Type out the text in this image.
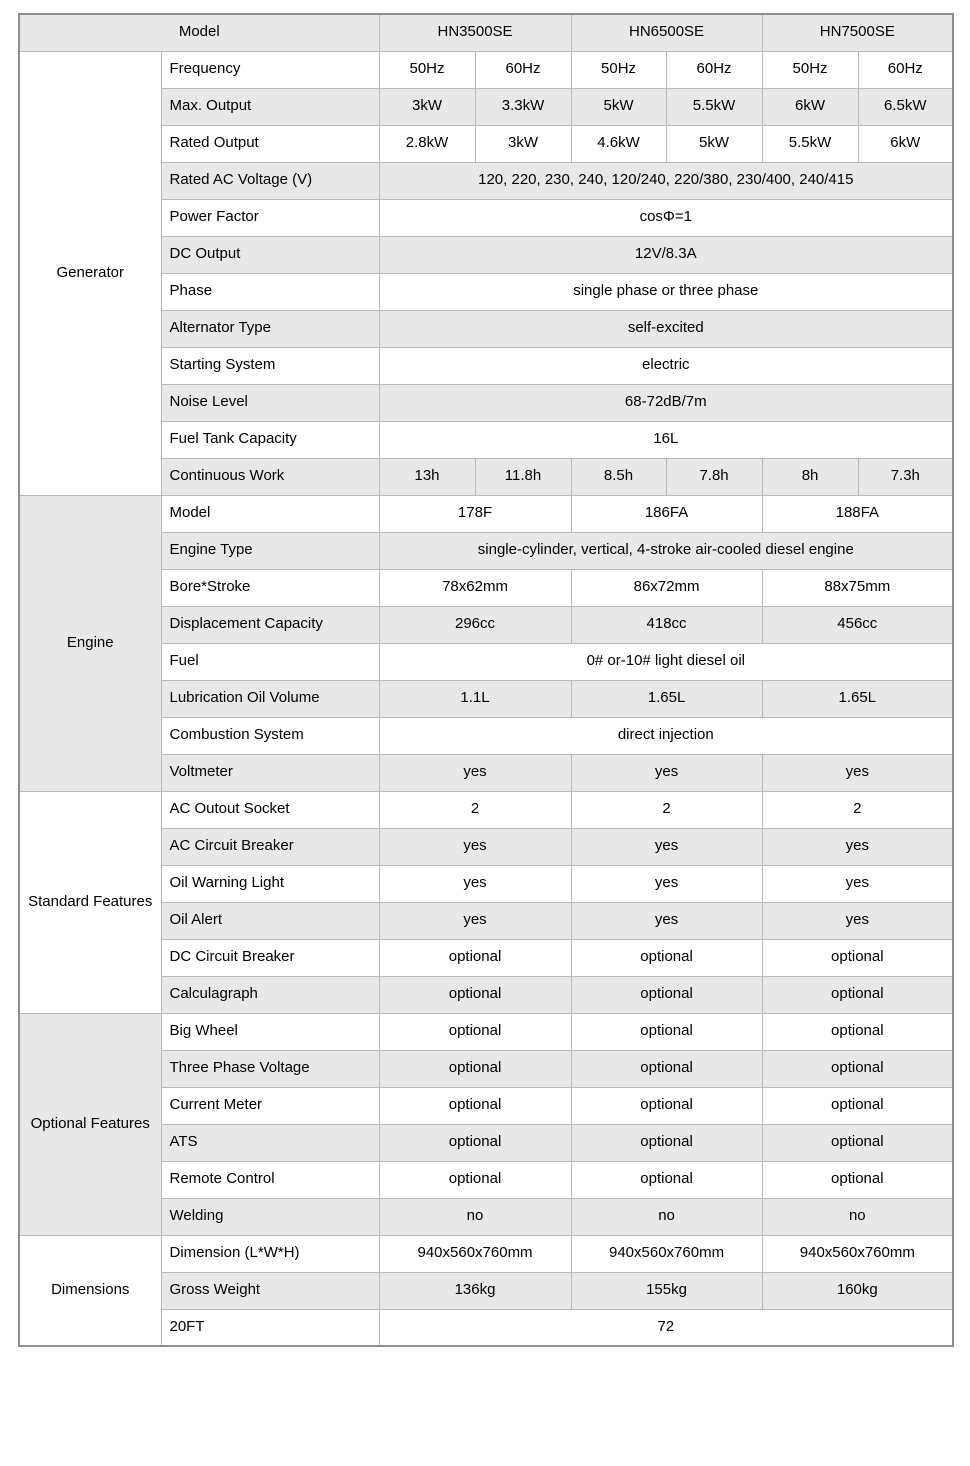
Model		HN3500SE		HN6500SE		HN7500SE	
Generator	Frequency	50Hz	60Hz	50Hz	60Hz	50Hz	60Hz
	Max. Output	3kW	3.3kW	5kW	5.5kW	6kW	6.5kW
	Rated Output	2.8kW	3kW	4.6kW	5kW	5.5kW	6kW
	Rated AC Voltage (V)	120, 220, 230, 240, 120/240, 220/380, 230/400, 240/415					
	Power Factor	cosΦ=1					
	DC Output	12V/8.3A					
	Phase	single phase or three phase					
	Alternator Type	self-excited					
	Starting System	electric					
	Noise Level	68-72dB/7m					
	Fuel Tank Capacity	16L					
	Continuous Work	13h	11.8h	8.5h	7.8h	8h	7.3h
Engine	Model	178F		186FA		188FA	
	Engine Type	single-cylinder, vertical, 4-stroke air-cooled diesel engine					
	Bore*Stroke	78x62mm		86x72mm		88x75mm	
	Displacement Capacity	296cc		418cc		456cc	
	Fuel	0# or-10# light diesel oil					
	Lubrication Oil Volume	1.1L		1.65L		1.65L	
	Combustion System	direct injection					
	Voltmeter	yes		yes		yes	
Standard Features	AC Outout Socket	2		2		2	
	AC Circuit Breaker	yes		yes		yes	
	Oil Warning Light	yes		yes		yes	
	Oil Alert	yes		yes		yes	
	DC Circuit Breaker	optional		optional		optional	
	Calculagraph	optional		optional		optional	
Optional Features	Big Wheel	optional		optional		optional	
	Three Phase Voltage	optional		optional		optional	
	Current Meter	optional		optional		optional	
	ATS	optional		optional		optional	
	Remote Control	optional		optional		optional	
	Welding	no		no		no	
Dimensions	Dimension (L*W*H)	940x560x760mm		940x560x760mm		940x560x760mm	
	Gross Weight	136kg		155kg		160kg	
	20FT	72					
